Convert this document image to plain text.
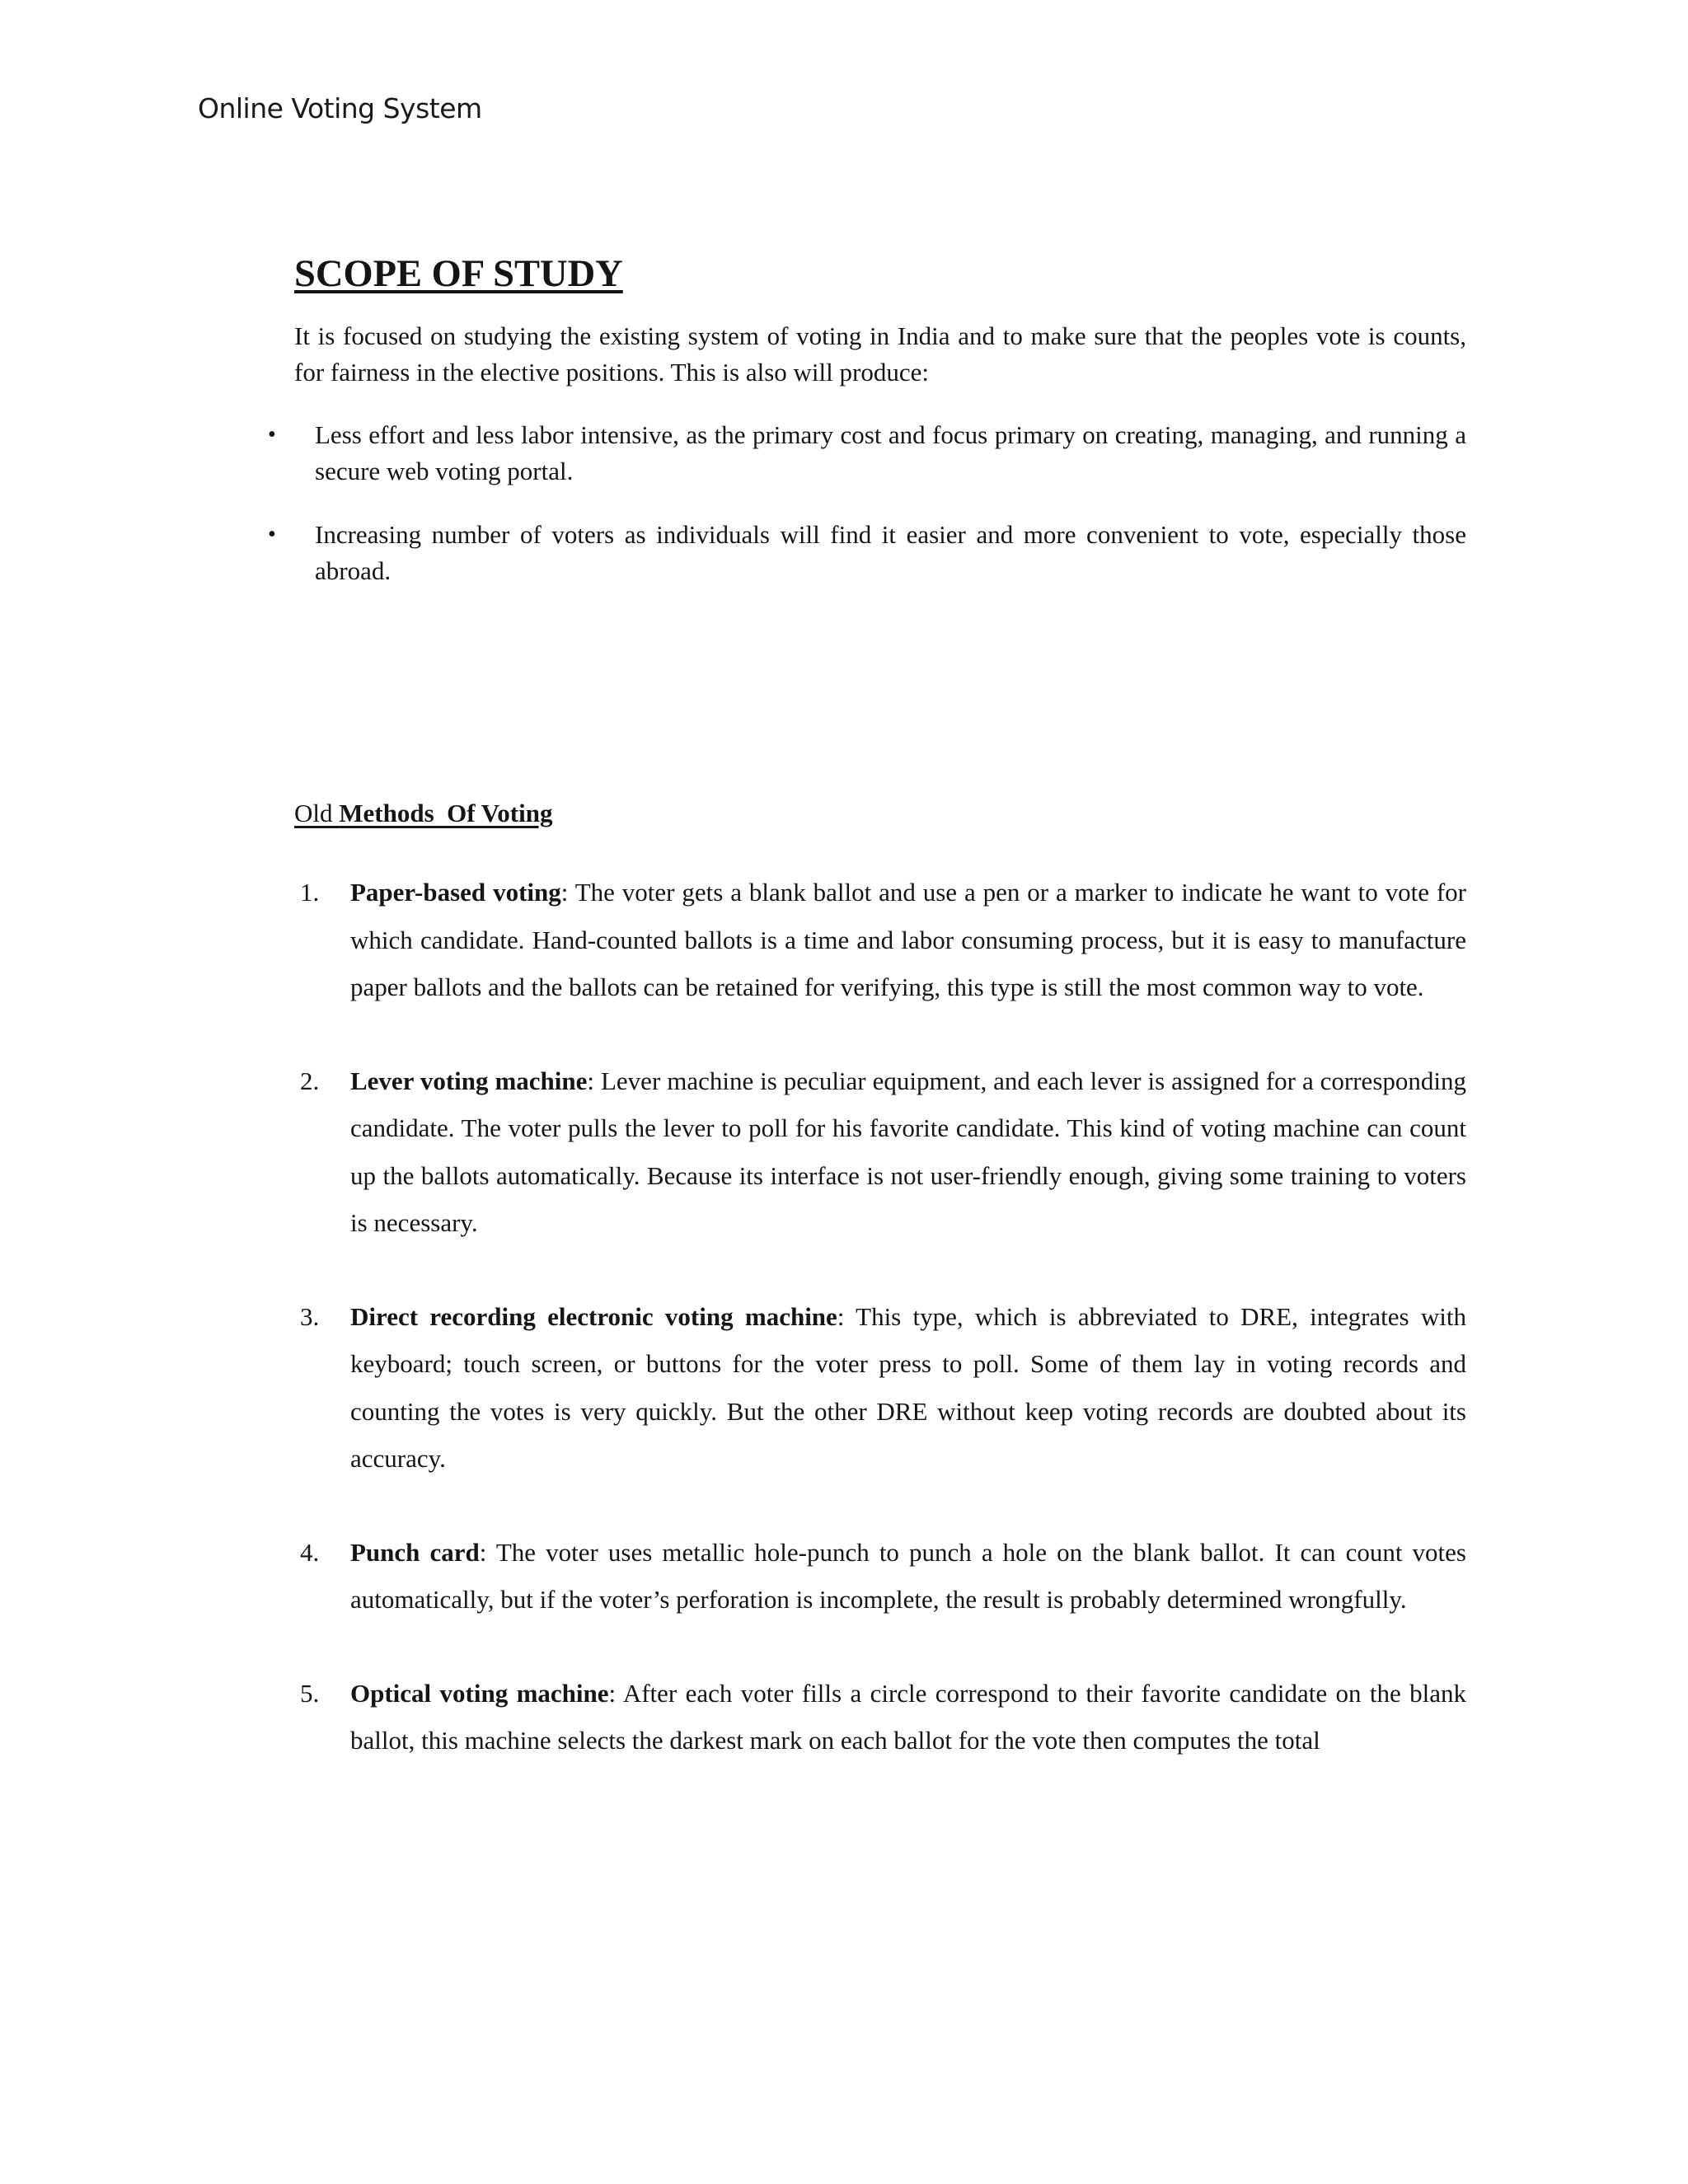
Online Voting System
SCOPE OF STUDY

It is focused on studying the existing system of voting in India and to make sure that the peoples vote is counts, for fairness in the elective positions. This is also will produce:

• Less effort and less labor intensive, as the primary cost and focus primary on creating, managing, and running a secure web voting portal.
• Increasing number of voters as individuals will find it easier and more convenient to vote, especially those abroad.
Old Methods  Of Voting
1. Paper-based voting: The voter gets a blank ballot and use a pen or a marker to indicate he want to vote for which candidate. Hand-counted ballots is a time and labor consuming process, but it is easy to manufacture paper ballots and the ballots can be retained for verifying, this type is still the most common way to vote.
2. Lever voting machine: Lever machine is peculiar equipment, and each lever is assigned for a corresponding candidate. The voter pulls the lever to poll for his favorite candidate. This kind of voting machine can count up the ballots automatically. Because its interface is not user-friendly enough, giving some training to voters is necessary.
3. Direct recording electronic voting machine: This type, which is abbreviated to DRE, integrates with keyboard; touch screen, or buttons for the voter press to poll. Some of them lay in voting records and counting the votes is very quickly. But the other DRE without keep voting records are doubted about its accuracy.
4. Punch card: The voter uses metallic hole-punch to punch a hole on the blank ballot. It can count votes automatically, but if the voter’s perforation is incomplete, the result is probably determined wrongfully.
5. Optical voting machine: After each voter fills a circle correspond to their favorite candidate on the blank ballot, this machine selects the darkest mark on each ballot for the vote then computes the total
